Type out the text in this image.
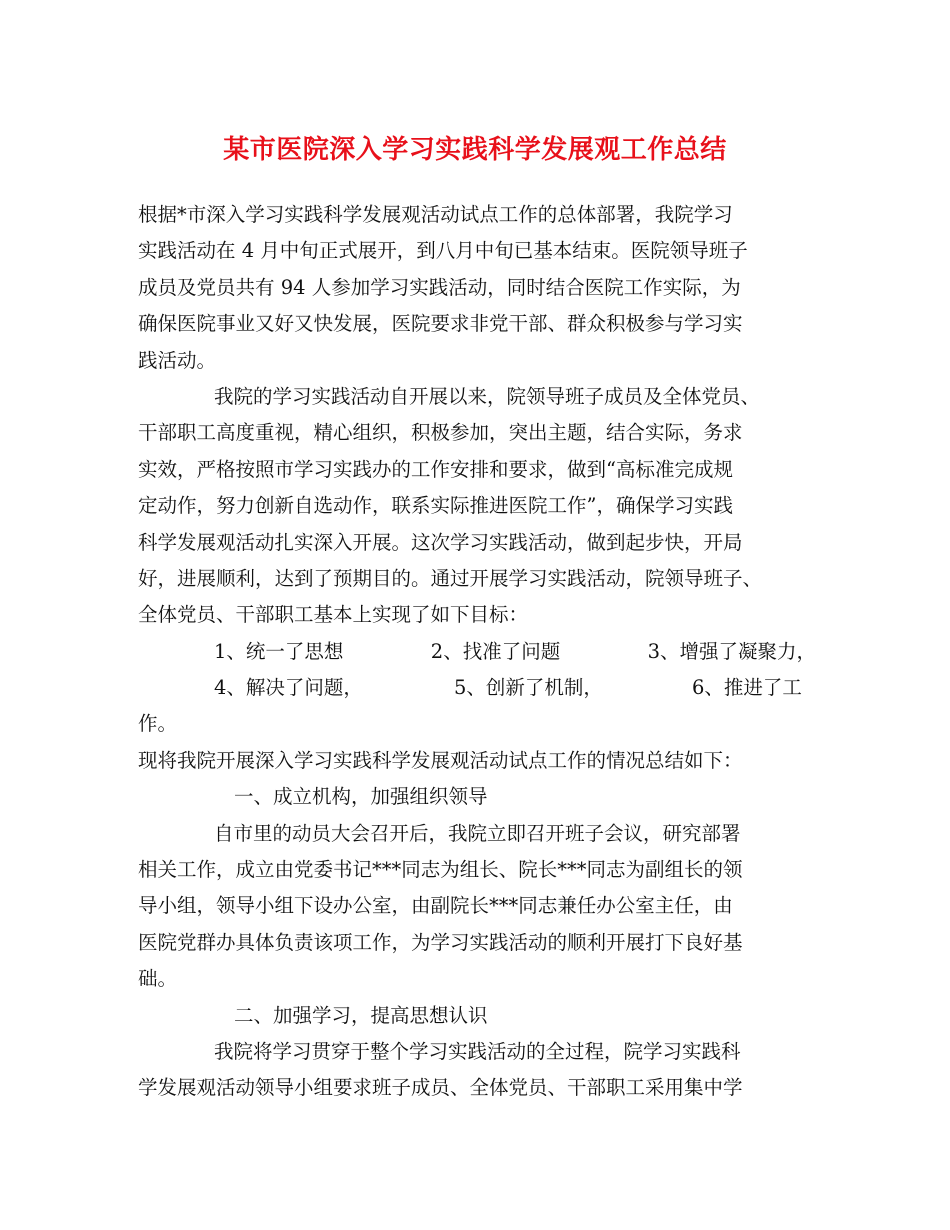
某市医院深入学习实践科学发展观工作总结
根据*市深入学习实践科学发展观活动试点工作的总体部署，我院学习
实践活动在 4 月中旬正式展开，到八月中旬已基本结束。医院领导班子
成员及党员共有 94 人参加学习实践活动，同时结合医院工作实际，为
确保医院事业又好又快发展，医院要求非党干部、群众积极参与学习实
践活动。
我院的学习实践活动自开展以来，院领导班子成员及全体党员、
干部职工高度重视，精心组织，积极参加，突出主题，结合实际，务求
实效，严格按照市学习实践办的工作安排和要求，做到“高标准完成规
定动作，努力创新自选动作，联系实际推进医院工作”，确保学习实践
科学发展观活动扎实深入开展。这次学习实践活动，做到起步快，开局
好，进展顺利，达到了预期目的。通过开展学习实践活动，院领导班子、
全体党员、干部职工基本上实现了如下目标：
1、统一了思想	2、找准了问题	3、增强了凝聚力，
4、解决了问题，	5、创新了机制，	6、推进了工
作。
现将我院开展深入学习实践科学发展观活动试点工作的情况总结如下：
一、成立机构，加强组织领导
自市里的动员大会召开后，我院立即召开班子会议，研究部署
相关工作，成立由党委书记***同志为组长、院长***同志为副组长的领
导小组，领导小组下设办公室，由副院长***同志兼任办公室主任，由
医院党群办具体负责该项工作，为学习实践活动的顺利开展打下良好基
础。
二、加强学习，提高思想认识
我院将学习贯穿于整个学习实践活动的全过程，院学习实践科
学发展观活动领导小组要求班子成员、全体党员、干部职工采用集中学
